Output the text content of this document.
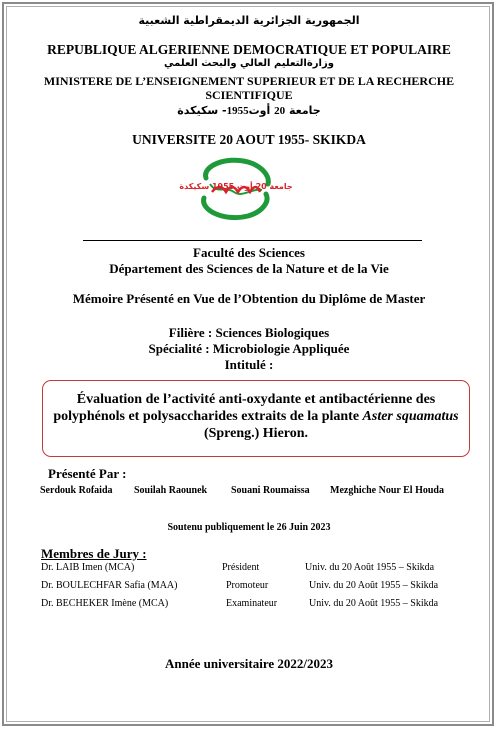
الجمهورية الجزائرية الديمقراطية الشعبية
REPUBLIQUE ALGERIENNE DEMOCRATIQUE ET POPULAIRE
وزارةالتعليم العالي والبحث العلمي
MINISTERE DE L’ENSEIGNEMENT SUPERIEUR ET DE LA RECHERCHE
SCIENTIFIQUE
جامعة 20 أوت1955- سكيكدة
UNIVERSITE 20 AOUT 1955- SKIKDA
جامعة 20 أوت 1955 سكيكدة
Faculté des Sciences
Département des Sciences de la Nature et de la Vie
Mémoire Présenté en Vue de l’Obtention du Diplôme de Master
Filière : Sciences Biologiques
Spécialité : Microbiologie Appliquée
Intitulé :
Évaluation de l’activité anti-oxydante et antibactérienne des polyphénols et polysaccharides extraits de la plante Aster squamatus (Spreng.) Hieron.
Présenté Par :
Serdouk Rofaida Souilah Raounek Souani Roumaissa Mezghiche Nour El Houda
Soutenu publiquement le 26 Juin 2023
Membres de Jury :
Dr. LAIB Imen (MCA)	Président	Univ. du 20 Août 1955 – Skikda
Dr. BOULECHFAR Safia (MAA)	Promoteur	Univ. du 20 Août 1955 – Skikda
Dr. BECHEKER Imène (MCA)	Examinateur	Univ. du 20 Août 1955 – Skikda
Année universitaire 2022/2023
